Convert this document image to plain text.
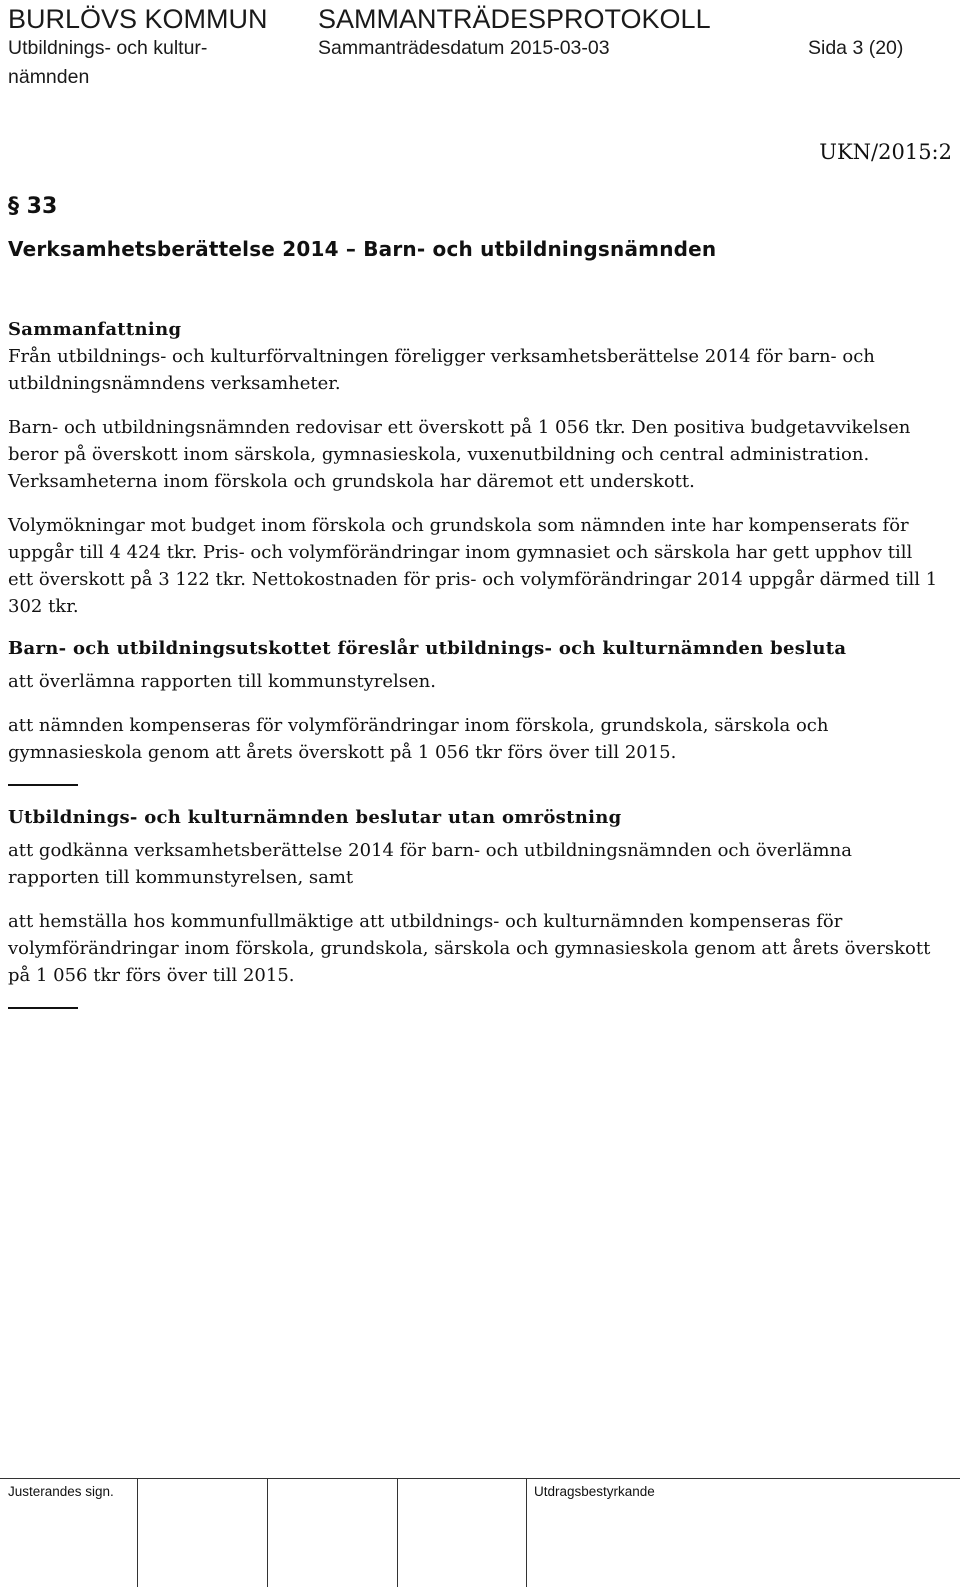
BURLÖVS KOMMUN SAMMANTRÄDESPROTOKOLL
Utbildnings- och kultur-	Sammanträdesdatum 2015-03-03	Sida 3 (20)
nämnden
UKN/2015:2
§ 33
Verksamhetsberättelse 2014 – Barn- och utbildningsnämnden

Sammanfattning

Från utbildnings- och kulturförvaltningen föreligger verksamhetsberättelse 2014 för barn- och utbildningsnämndens verksamheter.

Barn- och utbildningsnämnden redovisar ett överskott på 1 056 tkr. Den positiva budgetavvikelsen beror på överskott inom särskola, gymnasieskola, vuxenutbildning och central administration. Verksamheterna inom förskola och grundskola har däremot ett underskott.

Volymökningar mot budget inom förskola och grundskola som nämnden inte har kompenserats för uppgår till 4 424 tkr. Pris- och volymförändringar inom gymnasiet och särskola har gett upphov till ett överskott på 3 122 tkr. Nettokostnaden för pris- och volymförändringar 2014 uppgår därmed till 1 302 tkr.

Barn- och utbildningsutskottet föreslår utbildnings- och kulturnämnden besluta

att överlämna rapporten till kommunstyrelsen.

att nämnden kompenseras för volymförändringar inom förskola, grundskola, särskola och gymnasieskola genom att årets överskott på 1 056 tkr förs över till 2015.

Utbildnings- och kulturnämnden beslutar utan omröstning

att godkänna verksamhetsberättelse 2014 för barn- och utbildningsnämnden och överlämna rapporten till kommunstyrelsen, samt

att hemställa hos kommunfullmäktige att utbildnings- och kulturnämnden kompenseras för volymförändringar inom förskola, grundskola, särskola och gymnasieskola genom att årets överskott på 1 056 tkr förs över till 2015.

Justerandes sign.	Utdragsbestyrkande
